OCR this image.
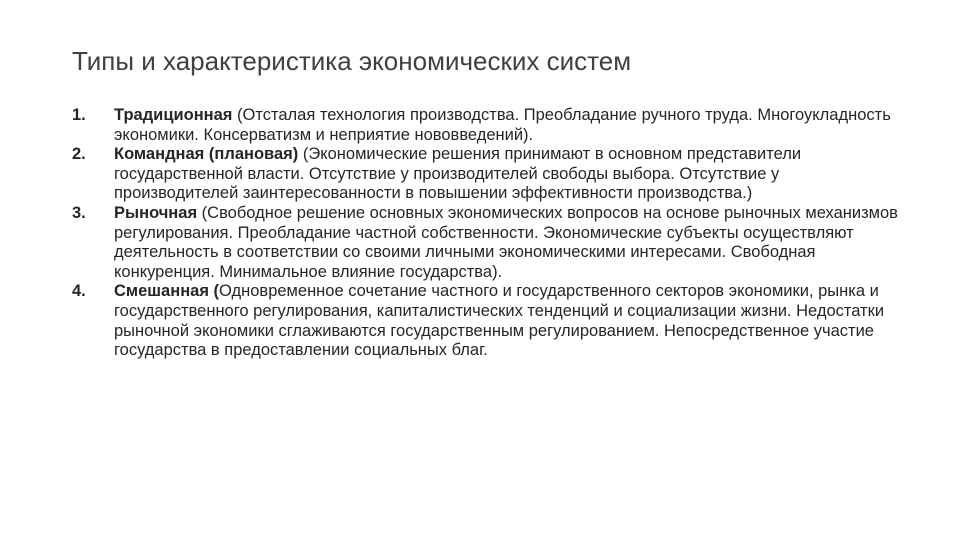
Типы и характеристика экономических систем
1. Традиционная (Отсталая технология производства. Преобладание ручного труда. Многоукладность экономики. Консерватизм и неприятие нововведений).
2. Командная (плановая) (Экономические решения принимают в основном представители государственной власти. Отсутствие у производителей свободы выбора. Отсутствие у производителей заинтересованности в повышении эффективности производства.)
3. Рыночная (Свободное решение основных экономических вопросов на основе рыночных механизмов регулирования. Преобладание частной собственности. Экономические субъекты осуществляют деятельность в соответствии со своими личными экономическими интересами. Свободная конкуренция. Минимальное влияние государства).
4. Смешанная (Одновременное сочетание частного и государственного секторов экономики, рынка и государственного регулирования, капиталистических тенденций и социализации жизни. Недостатки рыночной экономики сглаживаются государственным регулированием. Непосредственное участие государства в предоставлении социальных благ.
